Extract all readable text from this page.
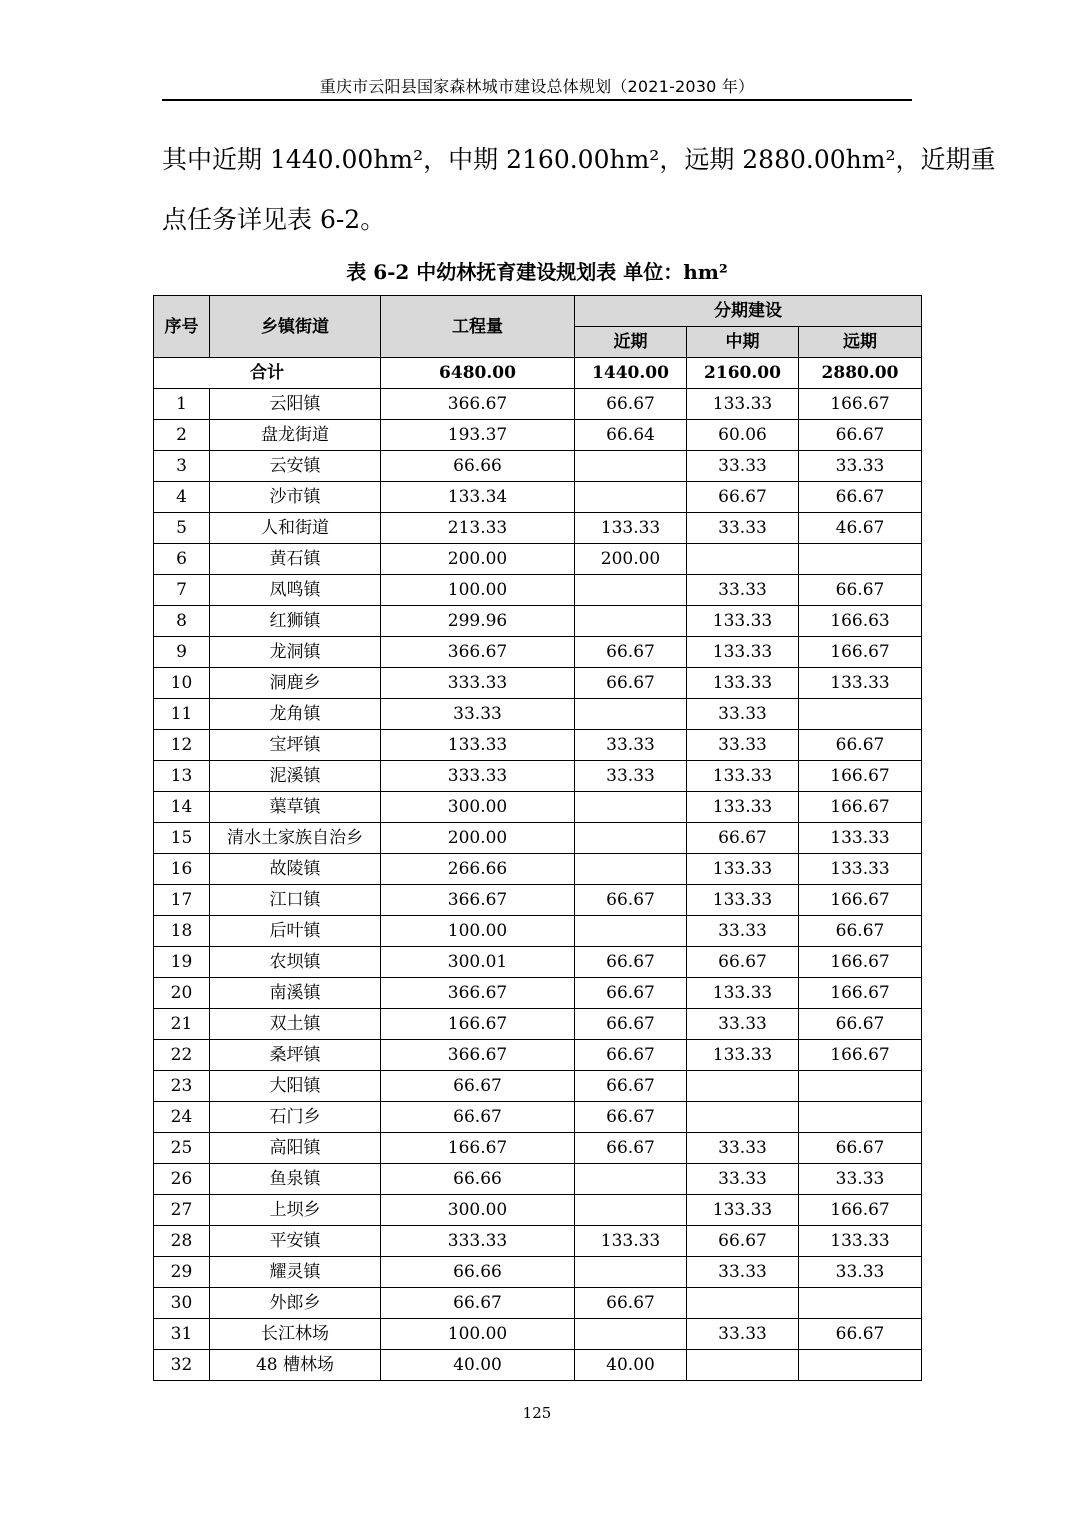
重庆市云阳县国家森林城市建设总体规划（2021-2030 年）
其中近期 1440.00hm²，中期 2160.00hm²，远期 2880.00hm²，近期重
点任务详见表 6-2。
表 6-2 中幼林抚育建设规划表 单位：hm²
序号	乡镇街道	工程量	分期建设		
			近期	中期	远期
合计		6480.00	1440.00	2160.00	2880.00
1	云阳镇	366.67	66.67	133.33	166.67
2	盘龙街道	193.37	66.64	60.06	66.67
3	云安镇	66.66		33.33	33.33
4	沙市镇	133.34		66.67	66.67
5	人和街道	213.33	133.33	33.33	46.67
6	黄石镇	200.00	200.00		
7	凤鸣镇	100.00		33.33	66.67
8	红狮镇	299.96		133.33	166.63
9	龙洞镇	366.67	66.67	133.33	166.67
10	洞鹿乡	333.33	66.67	133.33	133.33
11	龙角镇	33.33		33.33	
12	宝坪镇	133.33	33.33	33.33	66.67
13	泥溪镇	333.33	33.33	133.33	166.67
14	蕖草镇	300.00		133.33	166.67
15	清水土家族自治乡	200.00		66.67	133.33
16	故陵镇	266.66		133.33	133.33
17	江口镇	366.67	66.67	133.33	166.67
18	后叶镇	100.00		33.33	66.67
19	农坝镇	300.01	66.67	66.67	166.67
20	南溪镇	366.67	66.67	133.33	166.67
21	双土镇	166.67	66.67	33.33	66.67
22	桑坪镇	366.67	66.67	133.33	166.67
23	大阳镇	66.67	66.67		
24	石门乡	66.67	66.67		
25	高阳镇	166.67	66.67	33.33	66.67
26	鱼泉镇	66.66		33.33	33.33
27	上坝乡	300.00		133.33	166.67
28	平安镇	333.33	133.33	66.67	133.33
29	耀灵镇	66.66		33.33	33.33
30	外郎乡	66.67	66.67		
31	长江林场	100.00		33.33	66.67
32	48 槽林场	40.00	40.00		
125
